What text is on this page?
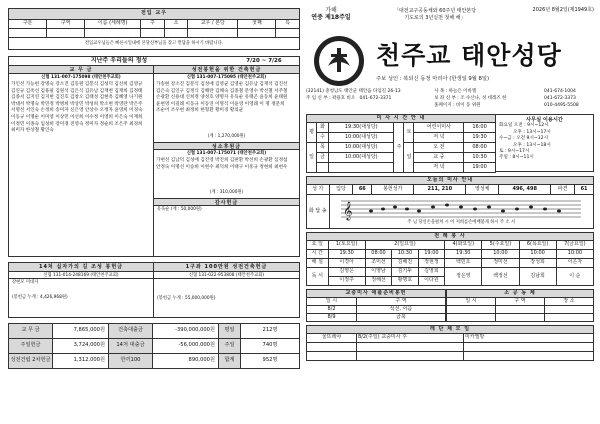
전입 교우							
구분	구역	이름 (세례명)	주	소	교우 / 본당	첫째	특

전입교우님들은 빠른시일내에 본당신부님을 찾고 면담을 하시기 바랍니다.
지난주 우리들의 정성	7/20 ~ 7/26
교 무 금
신협 131-007-175098 (태안천주교회)
가인선 가능현 강명숙 강소진 김동원 김봉식 김성덕 김선희 김영규 김연규 김옥선 김용필 김원석 김은식 김유남 김재천 김재희 김정태 김종서 김지연 김지현 김진호 김창오 김태성 김현옥 김혜영 나기원 박대서 박명숙 박민정 박병희 박상민 박성희 박소현 박영란 박은주 서명선 서인숙 손정희 송미자 신은영 안상수 오정자 윤영희 이경숙 이동규 이명순 이미영 이상민 이선희 이수정 이영희 이은숙 이재희 이정민 이종숙 임성희 장미경 전영숙 정미자 정순희 조은주 최경희 최미자 한상철 황인숙
성전봉헌을 위한 건축헌금
신협 131-007-175095 (태안천주교회)
가송현 강소진 김문식 김성애 김영균 김영순 김유남 김재석 김진선 김은숙 김인구 김정식 김해란 김혜숙 김종철 문영수 박선철 서주철 손광환 신용대 신희정 양성호 양명자 유득순 유태곤 윤동희 윤태원 윤현영 이길례 이동규 이동연 이명식 이윤영 이영례 이 명 정문희 조순이 조우현 최정희 한형환 황미경 황의균
(계 : 1,270,000원)
성소후원금
신협 131-007-175071 (태안천주교회)
가현선 김남덕 김성애 김진영 박진희 김판환 박선희 손광환 심정섭 안정숙 이명선 이승희 이현수 최덕희 이태구 이흥규 정현희 최현우
(계 : 310,000원)
감사헌금
유육순 (계 : 50,000원)
14처 십자가의 길 조성 봉헌금
신협 131-014-248169 (태안천주교회)
강현모 미대자
(봉헌금 누계 : 4,426,968원)
1구좌 100만원 성전건축헌금
신협 131-022-953808 (태안천주교회)
(봉헌금 누계 : 55,000,000원)
교 무 금	7,865,000원	건축대출금	-390,000,000원	평일	212명
주일헌금	3,724,000원	14처 대출금	-56,000,000원	주일	740명
성전건립 2차헌금	1,312,000원	한끼100	890,000원	합계	952명
가해
연중 제18주일
「대전교구공동체와 60주년 태안본당
기도로의 3년실천 첫해 해」
2026년 8월2일(제1949호)
천주교 태안성당
주보 성인 : 복되신 동정 마리아 (한생일 9월 8일)
(32141) 충청남도 태안군 태안읍 타임길 26-13
주 임 신 부 : 곽용호 비오 041-672-3371
사 목 : 하늘은 이바엘
보 좌 신 부 : 조 수산나, 성 데레즈 한
홈페이지 : 비이 동 위원
041-674-1004
041-672-3373
010-4495-5508
미 사 시 간 안 내						
평	화	19:30(대성당)	주	토	어린이미사	16:00
	수	10:00(대성당)			저 녁	19:30
일	목	10:00(대성당)		일	오 전	08:00
	금	10:00(대성당)			교 중	10:30
					저 녁	19:00
사무실 이용시간
화요일 오전 : 9시~12시
오후 : 13시~17시
수~금 : 오전 9시~12시
오후 : 13시~18시
토 : 9시~17시
주일 : 8시~11시
오늘의 미사 안내								
성 가	입당	66	봉헌성가	211, 210	영성체	496, 498	파견	61
화 답 송	𝄞
주 님 당신손을펼쳐 시 어 저희를손에배불게 하시 주 소 서							
전 례 봉 사								
요 일	1(토요일)	2(일요일)			4(화요일)	5(수요일)	6(목요일)	7(금요일)
시 간	19:30	08:00	10:30	19:00	19:30	10:00	10:00	10:00
해 설	이경아	조미선	김혜진	정현정	백민오	정미선	장성희	이은자
독 서	김영은	이영남	김기두	김영희	정은영	백정선	김남희	이 순
	이정주	정해선	황명호	이다원				
교중미사 애플준비봉헌	
일 시	구 역
8/2	석선, 이음
8/9	금북
소 공 동 체		
일 시	구 역	장 소

레 단 체 모 임		
울뜨레야	8/2(주일) 교중미사 후	미카엘방
